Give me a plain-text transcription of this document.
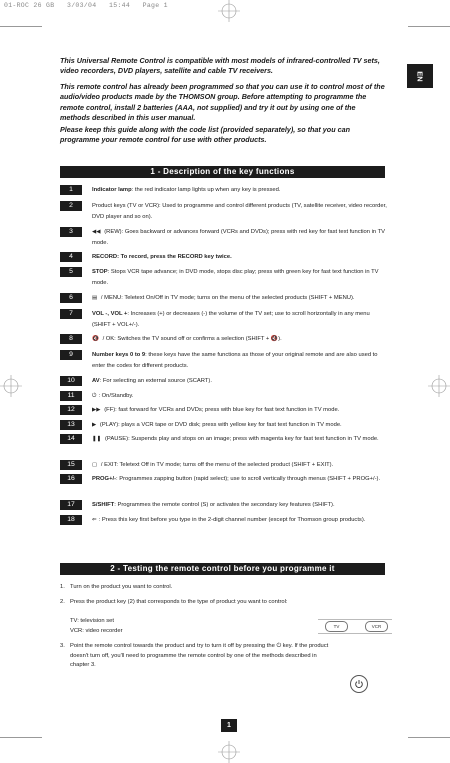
01-ROC 26 GB   3/03/04   15:44   Page 1
EN

This Universal Remote Control is compatible with most models of infrared-controlled TV sets, video recorders, DVD players, satellite and cable TV receivers.

This remote control has already been programmed so that you can use it to control most of the audio/video products made by the THOMSON group. Before attempting to programme the remote control, install 2 batteries (AAA, not supplied) and try it out by using one of the methods described in this user manual.

Please keep this guide along with the code list (provided separately), so that you can programme your remote control for use with other products.

1 - Description of the key functions
1	Indicator lamp: the red indicator lamp lights up when any key is pressed.
2	Product keys (TV or VCR): Used to programme and control different products (TV, satellite receiver, video recorder, DVD player and so on).
3	◀◀ (REW): Goes backward or advances forward (VCRs and DVDs); press with red key for fast text function in TV mode.
4	RECORD: To record, press the RECORD key twice.
5	STOP: Stops VCR tape advance; in DVD mode, stops disc play; press with green key for fast text function in TV mode.
6	▤ / MENU: Teletext On/Off in TV mode; turns on the menu of the selected products (SHIFT + MENU).
7	VOL -, VOL +: Increases (+) or decreases (-) the volume of the TV set; use to scroll horizontally in any menu (SHIFT + VOL+/-).
8	🔇 / OK: Switches the TV sound off or confirms a selection (SHIFT + 🔇).
9	Number keys 0 to 9: these keys have the same functions as those of your original remote and are also used to enter the codes for different products.
10	AV: For selecting an external source (SCART).
11	⏻ : On/Standby.
12	▶▶ (FF): fast forward for VCRs and DVDs; press with blue key for fast text function in TV mode.
13	▶ (PLAY): plays a VCR tape or DVD disk; press with yellow key for fast text function in TV mode.
14	❚❚ (PAUSE): Suspends play and stops on an image; press with magenta key for fast text function in TV mode.
15	▢ / EXIT: Teletext Off in TV mode; turns off the menu of the selected product (SHIFT + EXIT).
16	PROG+/-: Programmes zapping button (rapid select); use to scroll vertically through menus (SHIFT + PROG+/-).
17	S/SHIFT: Programmes the remote control (S) or activates the secondary key features (SHIFT).
18	⇐ : Press this key first before you type in the 2-digit channel number (except for Thomson group products).
2 - Testing the remote control before you programme it
1. Turn on the product you want to control.
2. Press the product key (2) that corresponds to the type of product you want to control:
TV: television set
VCR: video recorder
3. Point the remote control towards the product and try to turn it off by pressing the ⏻ key. If the product doesn't turn off, you'll need to programme the remote control by one of the methods described in chapter 3.
TV	VCR
1
